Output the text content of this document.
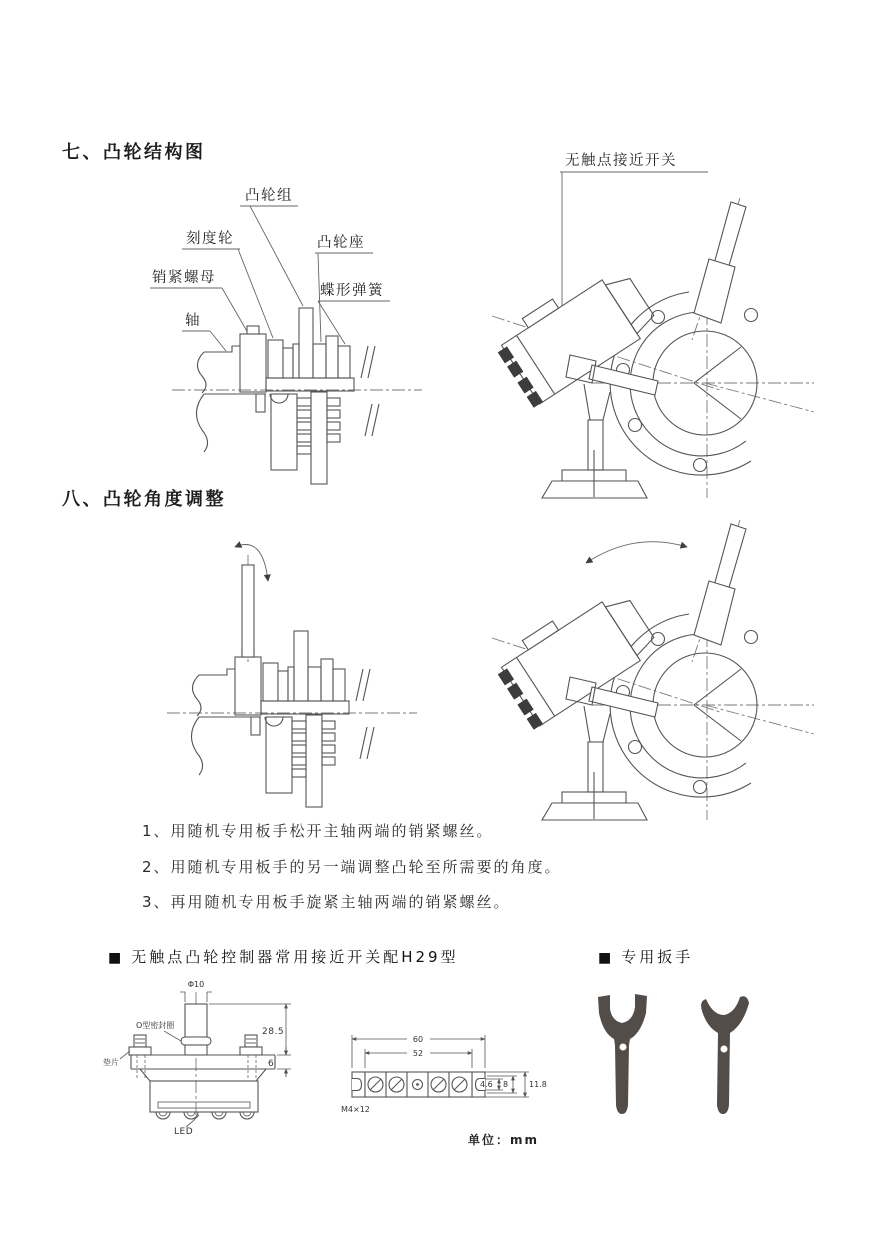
七、凸轮结构图
凸轮组
刻度轮	凸轮座
销紧螺母
蝶形弹簧
轴
无触点接近开关
八、凸轮角度调整
1、用随机专用板手松开主轴两端的销紧螺丝。
2、用随机专用板手的另一端调整凸轮至所需要的角度。
3、再用随机专用板手旋紧主轴两端的销紧螺丝。
■ 无触点凸轮控制器常用接近开关配H29型
Φ10
O型密封圈
垫片
LED
28.5
6
60
52
4.6 8	11.8
M4×12
单位：mm
■ 专用扳手
